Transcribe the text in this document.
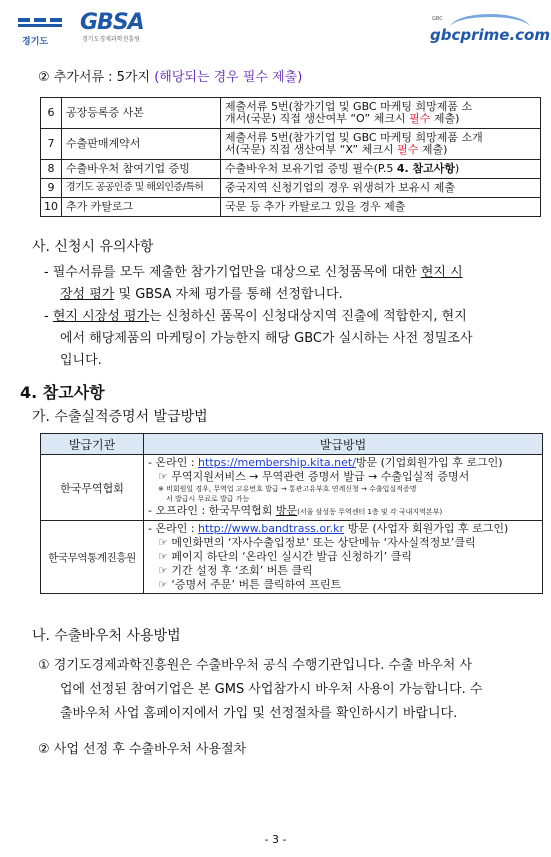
경기도
GBSA
경기도경제과학진흥원
GBC
gbcprime.com
② 추가서류 : 5가지 (해당되는 경우 필수 제출)
6	공장등록증 사본	제출서류 5번(참가기업 및 GBC 마케팅 희망제품 소
개서(국문) 직접 생산여부 “O” 체크시 필수 제출)
7	수출판매계약서	제출서류 5번(참가기업 및 GBC 마케팅 희망제품 소개
서(국문) 직접 생산여부 “X” 체크시 필수 제출)
8	수출바우처 참여기업 증빙	수출바우처 보유기업 증빙 필수(P.5 4. 참고사항)
9	경기도 공공인증 및 해외인증/특허	중국지역 신청기업의 경우 위생허가 보유시 제출
10	추가 카탈로그	국문 등 추가 카탈로그 있을 경우 제출
사. 신청시 유의사항
- 필수서류를 모두 제출한 참가기업만을 대상으로 신청품목에 대한 현지 시
장성 평가 및 GBSA 자체 평가를 통해 선정합니다.
- 현지 시장성 평가는 신청하신 품목이 신청대상지역 진출에 적합한지, 현지
에서 해당제품의 마케팅이 가능한지 해당 GBC가 실시하는 사전 정밀조사
입니다.
4. 참고사항
가. 수출실적증명서 발급방법
발급기관	발급방법
한국무역협회	- 온라인 : https://membership.kita.net/방문 (기업회원가입 후 로그인)
☞ 무역지원서비스 → 무역관련 증명서 발급 → 수출입실적 증명서
※ 비회원일 경우, 무역업 고유번호 발급 → 통관고유부호 연계신청 → 수출입실적증명
서 발급시 무료로 발급 가능
- 오프라인 : 한국무역협회 방문(서울 삼성동 무역센터 1층 및 각 국내지역본부)

한국무역통계진흥원	- 온라인 : http://www.bandtrass.or.kr 방문 (사업자 회원가입 후 로그인)
☞ 메인화면의 ‘자사수출입정보’ 또는 상단메뉴 ‘자사실적정보’클릭
☞ 페이지 하단의 ‘온라인 실시간 발급 신청하기’ 클릭
☞ 기간 설정 후 ‘조회’ 버튼 클릭
☞ ‘증명서 주문’ 버튼 클릭하여 프린트
나. 수출바우처 사용방법
① 경기도경제과학진흥원은 수출바우처 공식 수행기관입니다. 수출 바우처 사
업에 선정된 참여기업은 본 GMS 사업참가시 바우처 사용이 가능합니다. 수
출바우처 사업 홈페이지에서 가입 및 선정절차를 확인하시기 바랍니다.
② 사업 선정 후 수출바우처 사용절차
- 3 -
